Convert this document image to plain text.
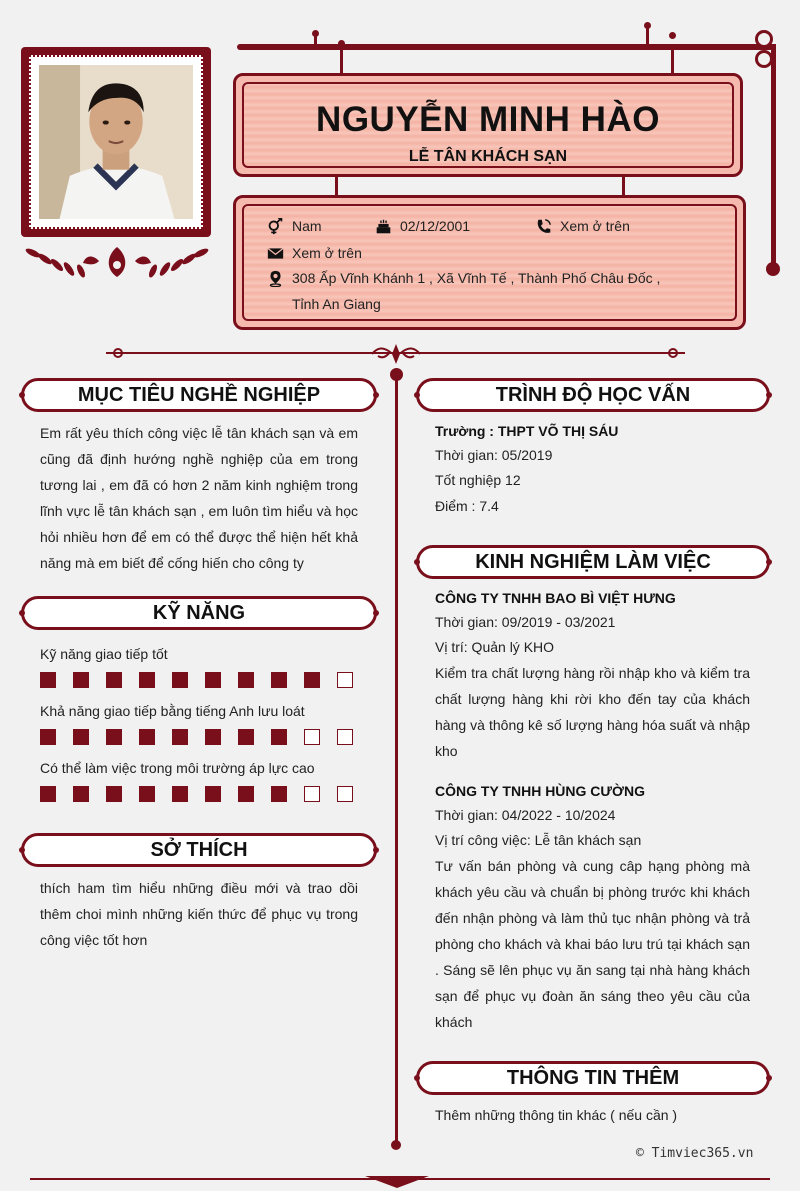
NGUYỄN MINH HÀO
LỄ TÂN KHÁCH SẠN
Nam	02/12/2001	Xem ở trên
Xem ở trên
308 Ấp Vĩnh Khánh 1 , Xã Vĩnh Tế , Thành Phố Châu Đốc ,
Tỉnh An Giang
MỤC TIÊU NGHỀ NGHIỆP
Em rất yêu thích công việc lễ tân khách sạn và em cũng đã định hướng nghề nghiệp của em trong tương lai , em đã có hơn 2 năm kinh nghiệm trong lĩnh vực lễ tân khách sạn , em luôn tìm hiểu và học hỏi nhiều hơn để em có thể được thể hiện hết khả năng mà em biết để cống hiến cho công ty
KỸ NĂNG
Kỹ năng giao tiếp tốt
Khả năng giao tiếp bằng tiếng Anh lưu loát
Có thể làm việc trong môi trường áp lực cao
SỞ THÍCH
thích ham tìm hiểu những điều mới và trao dồi thêm choi mình những kiến thức để phục vụ trong công việc tốt hơn
TRÌNH ĐỘ HỌC VẤN
Trường : THPT VÕ THỊ SÁU
Thời gian: 05/2019
Tốt nghiệp 12
Điểm : 7.4
KINH NGHIỆM LÀM VIỆC
CÔNG TY TNHH BAO BÌ VIỆT HƯNG
Thời gian: 09/2019 - 03/2021
Vị trí: Quản lý KHO
Kiểm tra chất lượng hàng rồi nhập kho và kiểm tra chất lượng hàng khi rời kho đến tay của khách hàng và thông kê số lượng hàng hóa suất và nhập kho
CÔNG TY TNHH HÙNG CƯỜNG
Thời gian: 04/2022 - 10/2024
Vị trí công việc: Lễ tân khách sạn
Tư vấn bán phòng và cung câp hạng phòng mà khách yêu cầu và chuẩn bị phòng trước khi khách đến nhận phòng và làm thủ tục nhận phòng và trả phòng cho khách và khai báo lưu trú tại khách sạn . Sáng sẽ lên phục vụ ăn sang tại nhà hàng khách sạn để phục vụ đoàn ăn sáng theo yêu cầu của khách
THÔNG TIN THÊM
Thêm những thông tin khác ( nếu cần )
© Timviec365.vn
